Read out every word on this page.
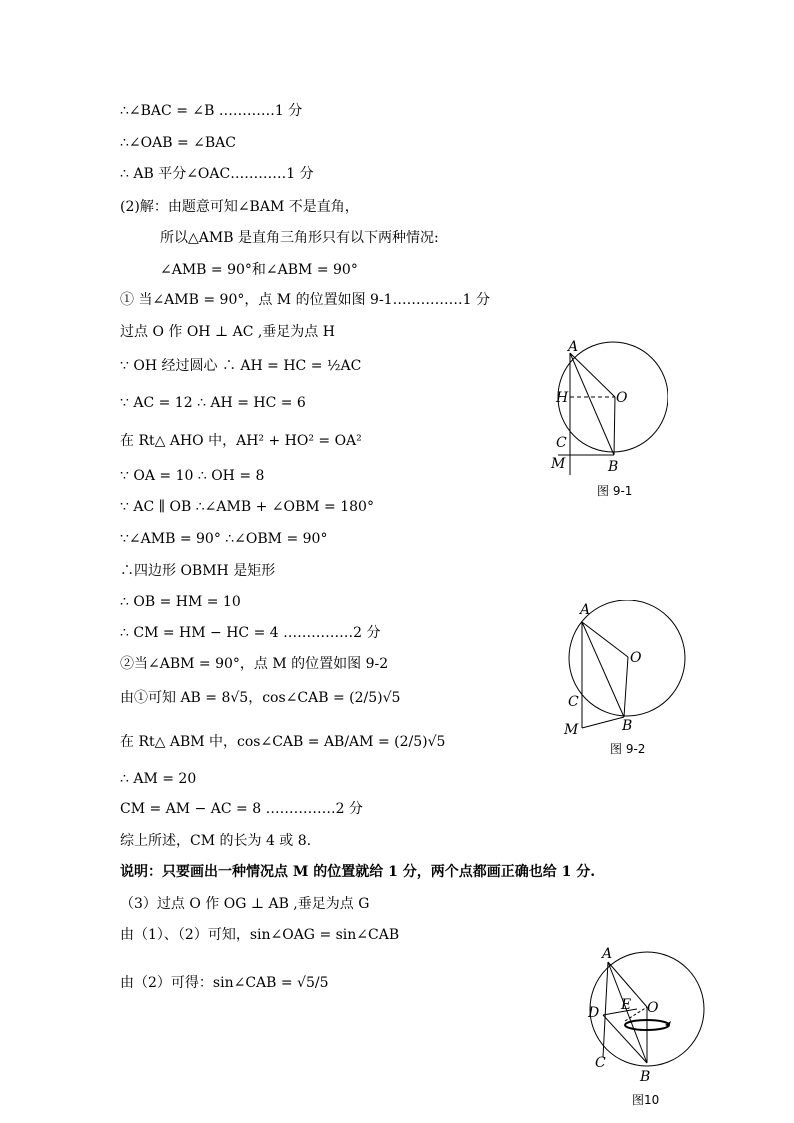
∴∠BAC = ∠B …………1 分
∴∠OAB = ∠BAC
∴ AB 平分∠OAC…………1 分
(2)解：由题意可知∠BAM 不是直角，
所以△AMB 是直角三角形只有以下两种情况:
∠AMB = 90°和∠ABM = 90°
① 当∠AMB = 90°，点 M 的位置如图 9-1……………1 分
过点 O 作 OH ⊥ AC ,垂足为点 H
∵ OH 经过圆心 ∴ AH = HC = ½AC
∵ AC = 12 ∴ AH = HC = 6
在 Rt△ AHO 中，AH² + HO² = OA²
∵ OA = 10 ∴ OH = 8
∵ AC ∥ OB ∴∠AMB + ∠OBM = 180°
∵∠AMB = 90° ∴∠OBM = 90°
∴四边形 OBMH 是矩形
∴ OB = HM = 10
∴ CM = HM − HC = 4 ……………2 分
②当∠ABM = 90°，点 M 的位置如图 9-2
由①可知 AB = 8√5，cos∠CAB = (2/5)√5
在 Rt△ ABM 中，cos∠CAB = AB/AM = (2/5)√5
∴ AM = 20
CM = AM − AC = 8 ……………2 分
综上所述，CM 的长为 4 或 8.
说明：只要画出一种情况点 M 的位置就给 1 分，两个点都画正确也给 1 分.
（3）过点 O 作 OG ⊥ AB ,垂足为点 G
由（1）、（2）可知，sin∠OAG = sin∠CAB
由（2）可得：sin∠CAB = √5/5
A
H	O
C
M	B
图 9-1
A
O
C
M	B
图 9-2
A
E O
D
C
B
图10
